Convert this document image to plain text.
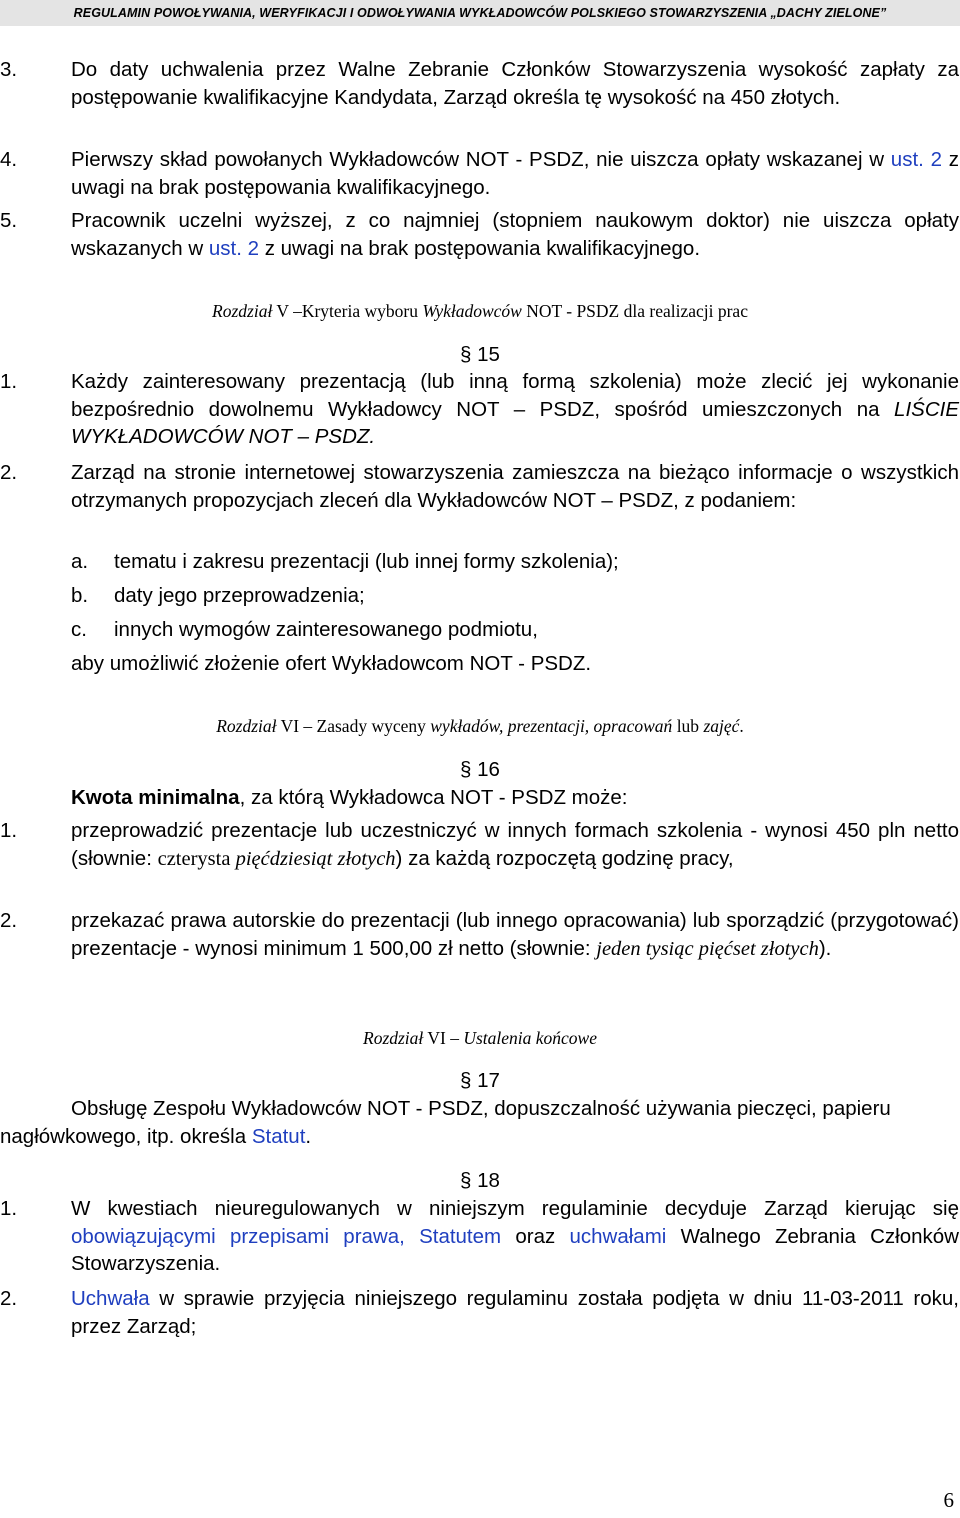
REGULAMIN POWOŁYWANIA, WERYFIKACJI I ODWOŁYWANIA WYKŁADOWCÓW POLSKIEGO STOWARZYSZENIA „DACHY ZIELONE”
3.	Do daty uchwalenia przez Walne Zebranie Członków Stowarzyszenia wysokość zapłaty za postępowanie kwalifikacyjne Kandydata, Zarząd określa tę wysokość na 450 złotych.
4.	Pierwszy skład powołanych Wykładowców NOT - PSDZ, nie uiszcza opłaty wskazanej w ust. 2 z uwagi na brak postępowania kwalifikacyjnego.
5.	Pracownik uczelni wyższej, z co najmniej (stopniem naukowym doktor) nie uiszcza opłaty wskazanych w ust. 2 z uwagi na brak postępowania kwalifikacyjnego.
Rozdział V –Kryteria wyboru Wykładowców NOT - PSDZ dla realizacji prac
§ 15
1.	Każdy zainteresowany prezentacją (lub inną formą szkolenia) może zlecić jej wykonanie bezpośrednio dowolnemu Wykładowcy NOT – PSDZ, spośród umieszczonych na LIŚCIE WYKŁADOWCÓW NOT – PSDZ.
2.	Zarząd na stronie internetowej stowarzyszenia zamieszcza na bieżąco informacje o wszystkich otrzymanych propozycjach zleceń dla Wykładowców NOT – PSDZ, z podaniem:
a. tematu i zakresu prezentacji (lub innej formy szkolenia);
b. daty jego przeprowadzenia;
c. innych wymogów zainteresowanego podmiotu,
aby umożliwić złożenie ofert Wykładowcom NOT - PSDZ.
Rozdział VI – Zasady wyceny wykładów, prezentacji, opracowań lub zajęć.
§ 16
Kwota minimalna, za którą Wykładowca NOT - PSDZ może:
1.	przeprowadzić prezentacje lub uczestniczyć w innych formach szkolenia - wynosi 450 pln netto (słownie: czterysta pięćdziesiąt złotych) za każdą rozpoczętą godzinę pracy,
2.	przekazać prawa autorskie do prezentacji (lub innego opracowania) lub sporządzić (przygotować) prezentacje - wynosi minimum 1 500,00 zł netto (słownie: jeden tysiąc pięćset złotych).
Rozdział VI – Ustalenia końcowe
§ 17
Obsługę Zespołu Wykładowców NOT - PSDZ, dopuszczalność używania pieczęci, papieru nagłówkowego, itp. określa Statut.
§ 18
1.	W kwestiach nieuregulowanych w niniejszym regulaminie decyduje Zarząd kierując się obowiązującymi przepisami prawa, Statutem oraz uchwałami Walnego Zebrania Członków Stowarzyszenia.
2.	Uchwała w sprawie przyjęcia niniejszego regulaminu została podjęta w dniu 11-03-2011 roku, przez Zarząd;
6
